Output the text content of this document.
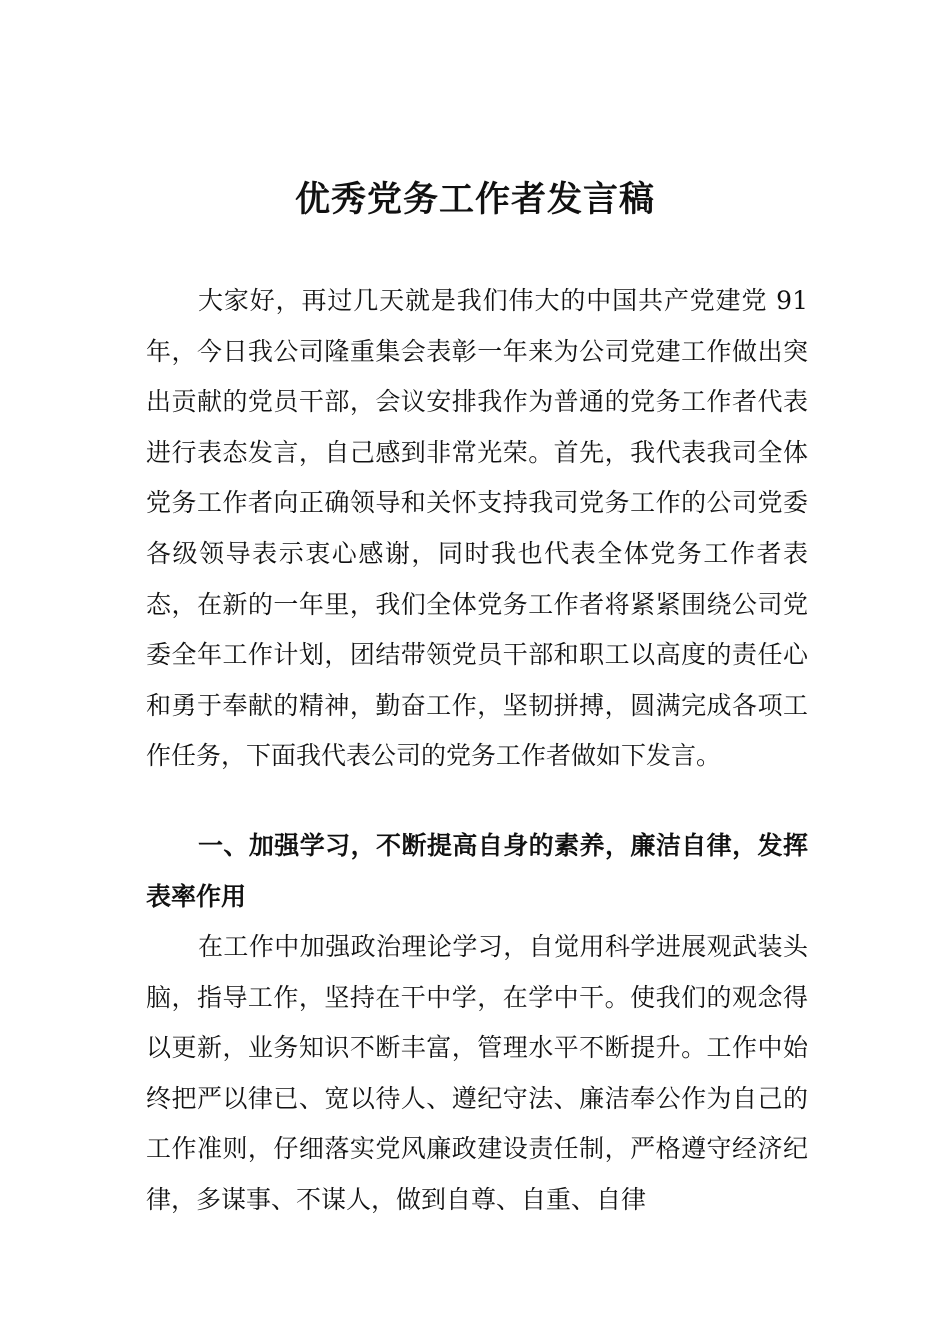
优秀党务工作者发言稿

大家好，再过几天就是我们伟大的中国共产党建党 91 年，今日我公司隆重集会表彰一年来为公司党建工作做出突出贡献的党员干部，会议安排我作为普通的党务工作者代表进行表态发言，自己感到非常光荣。首先，我代表我司全体党务工作者向正确领导和关怀支持我司党务工作的公司党委各级领导表示衷心感谢，同时我也代表全体党务工作者表态，在新的一年里，我们全体党务工作者将紧紧围绕公司党委全年工作计划，团结带领党员干部和职工以高度的责任心和勇于奉献的精神，勤奋工作，坚韧拼搏，圆满完成各项工作任务，下面我代表公司的党务工作者做如下发言。

一、加强学习，不断提高自身的素养，廉洁自律，发挥表率作用

在工作中加强政治理论学习，自觉用科学进展观武装头脑，指导工作，坚持在干中学，在学中干。使我们的观念得以更新，业务知识不断丰富，管理水平不断提升。工作中始终把严以律已、宽以待人、遵纪守法、廉洁奉公作为自己的工作准则，仔细落实党风廉政建设责任制，严格遵守经济纪律，多谋事、不谋人，做到自尊、自重、自律
